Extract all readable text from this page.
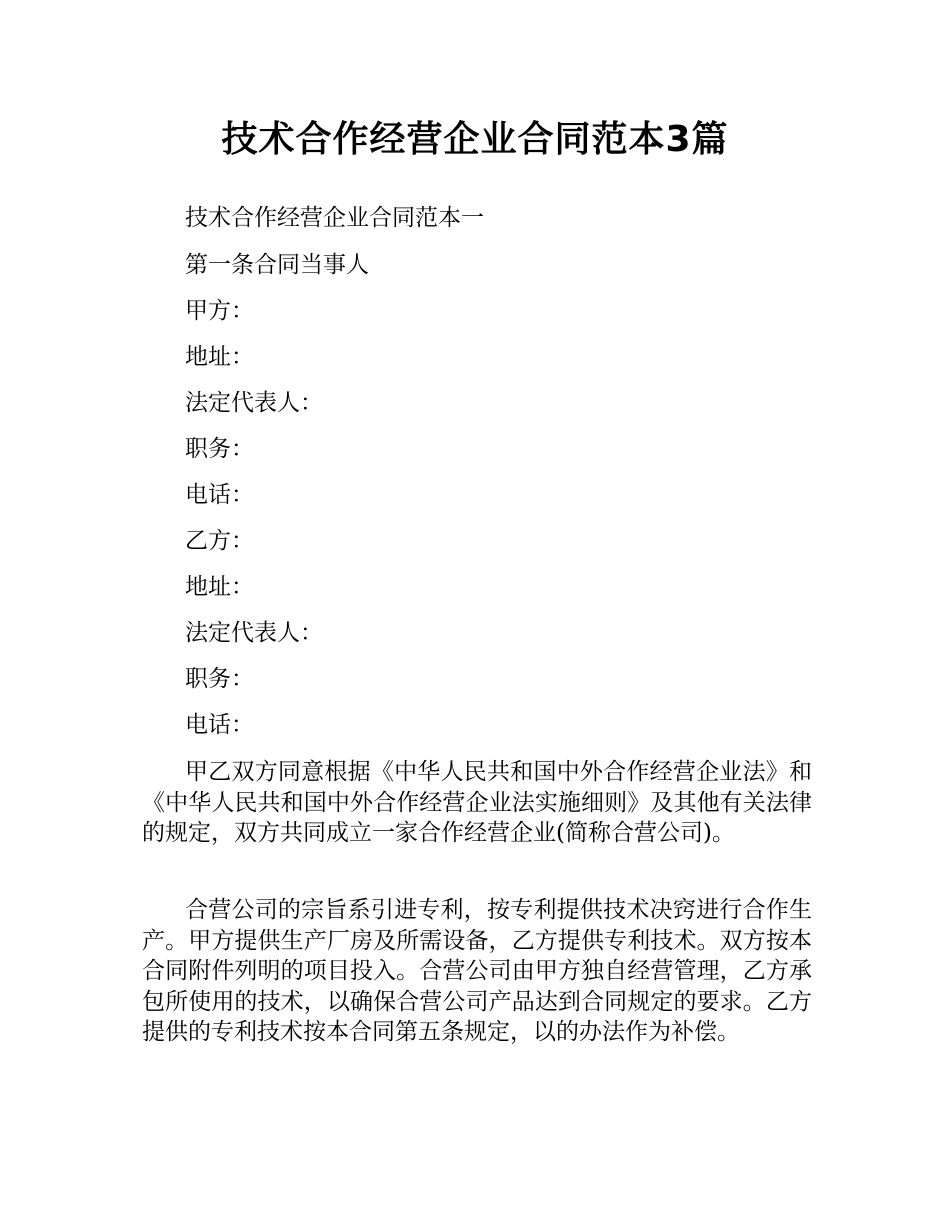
技术合作经营企业合同范本3篇

技术合作经营企业合同范本一

第一条合同当事人

甲方：

地址：

法定代表人：

职务：

电话：

乙方：

地址：

法定代表人：

职务：

电话：

甲乙双方同意根据《中华人民共和国中外合作经营企业法》和《中华人民共和国中外合作经营企业法实施细则》及其他有关法律的规定，双方共同成立一家合作经营企业(简称合营公司)。

合营公司的宗旨系引进专利，按专利提供技术决窍进行合作生产。甲方提供生产厂房及所需设备，乙方提供专利技术。双方按本合同附件列明的项目投入。合营公司由甲方独自经营管理，乙方承包所使用的技术，以确保合营公司产品达到合同规定的要求。乙方提供的专利技术按本合同第五条规定，以的办法作为补偿。
